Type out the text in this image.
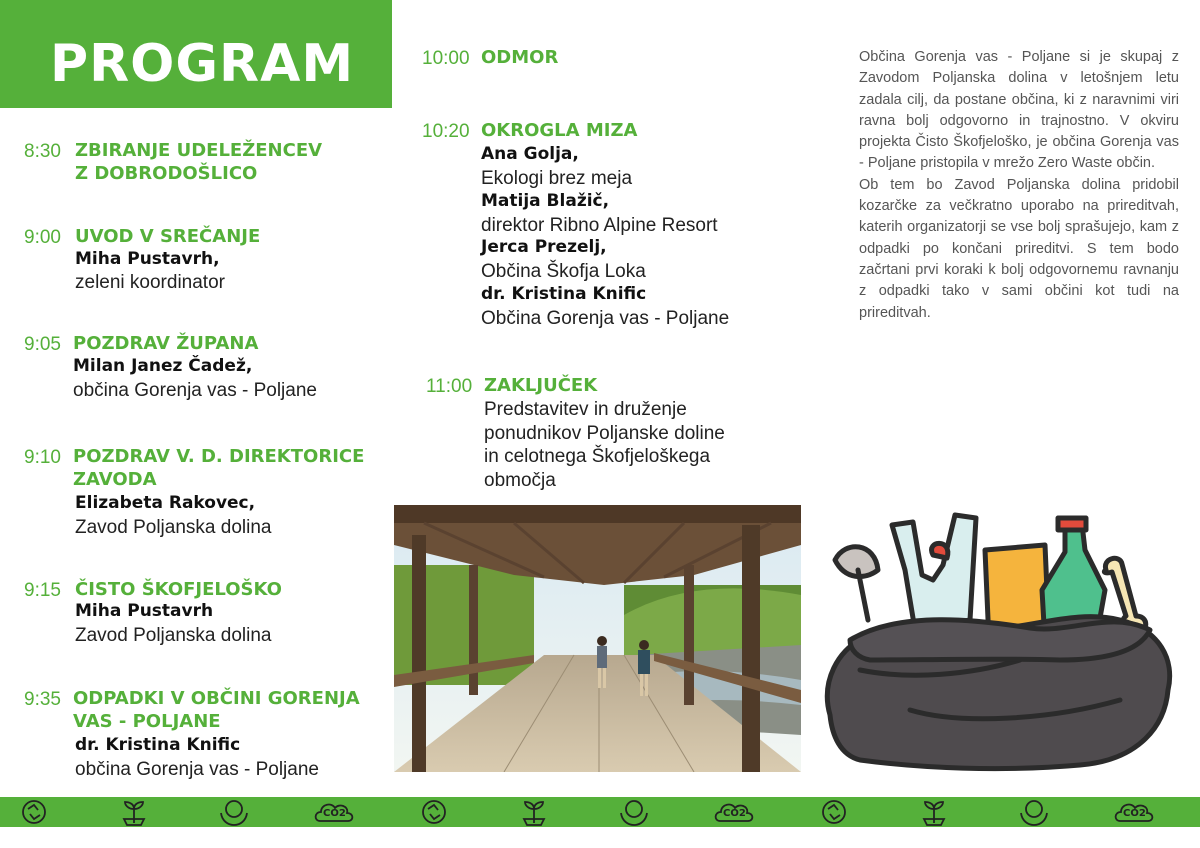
PROGRAM
8:30 ZBIRANJE UDELEŽENCEV
Z DOBRODOŠLICO
9:00 UVOD V SREČANJE
Miha Pustavrh,
zeleni koordinator
9:05 POZDRAV ŽUPANA
Milan Janez Čadež,
občina Gorenja vas - Poljane
9:10 POZDRAV V. D. DIREKTORICE
ZAVODA
Elizabeta Rakovec,
Zavod Poljanska dolina
9:15 ČISTO ŠKOFJELOŠKO
Miha Pustavrh
Zavod Poljanska dolina
9:35 ODPADKI V OBČINI GORENJA
VAS - POLJANE
dr. Kristina Knific
občina Gorenja vas - Poljane
10:00 ODMOR
10:20 OKROGLA MIZA
Ana Golja,
Ekologi brez meja
Matija Blažič,
direktor Ribno Alpine Resort
Jerca Prezelj,
Občina Škofja Loka
dr. Kristina Knific
Občina Gorenja vas - Poljane
11:00 ZAKLJUČEK
Predstavitev in druženje
ponudnikov Poljanske doline
in celotnega Škofjeloškega
območja

Občina Gorenja vas - Poljane si je skupaj z Zavodom Poljanska dolina v letošnjem letu zadala cilj, da postane občina, ki z naravnimi viri ravna bolj odgovorno in trajnostno. V okviru projekta Čisto Škofjeloško, je občina Gorenja vas - Poljane pristopila v mrežo Zero Waste občin.

Ob tem bo Zavod Poljanska dolina pridobil kozarčke za večkratno uporabo na prireditvah, katerih organizatorji se vse bolj sprašujejo, kam z odpadki po končani prireditvi. S tem bodo začrtani prvi koraki k bolj odgovornemu ravnanju z odpadki tako v sami občini kot tudi na prireditvah.

CO2	CO2	CO2
